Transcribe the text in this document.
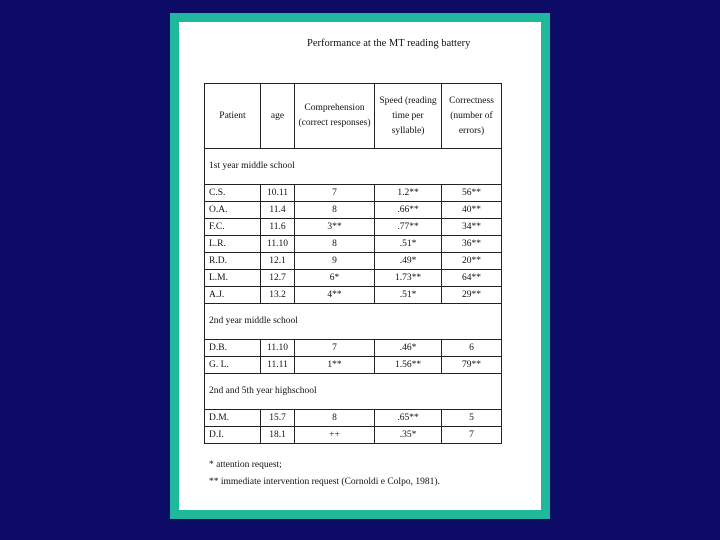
Performance at the MT reading battery
Patient	age	Comprehension (correct responses)	Speed (reading time per syllable)	Correctness (number of errors)
1st year middle school				
C.S.	10.11	7	1.2**	56**
O.A.	11.4	8	.66**	40**
F.C.	11.6	3**	.77**	34**
L.R.	11.10	8	.51*	36**
R.D.	12.1	9	.49*	20**
L.M.	12.7	6*	1.73**	64**
A.J.	13.2	4**	.51*	29**
2nd year middle school				
D.B.	11.10	7	.46*	6
G. L.	11.11	1**	1.56**	79**
2nd and 5th year highschool				
D.M.	15.7	8	.65**	5
D.I.	18.1	++	.35*	7
* attention request;
** immediate intervention request (Cornoldi e Colpo, 1981).
